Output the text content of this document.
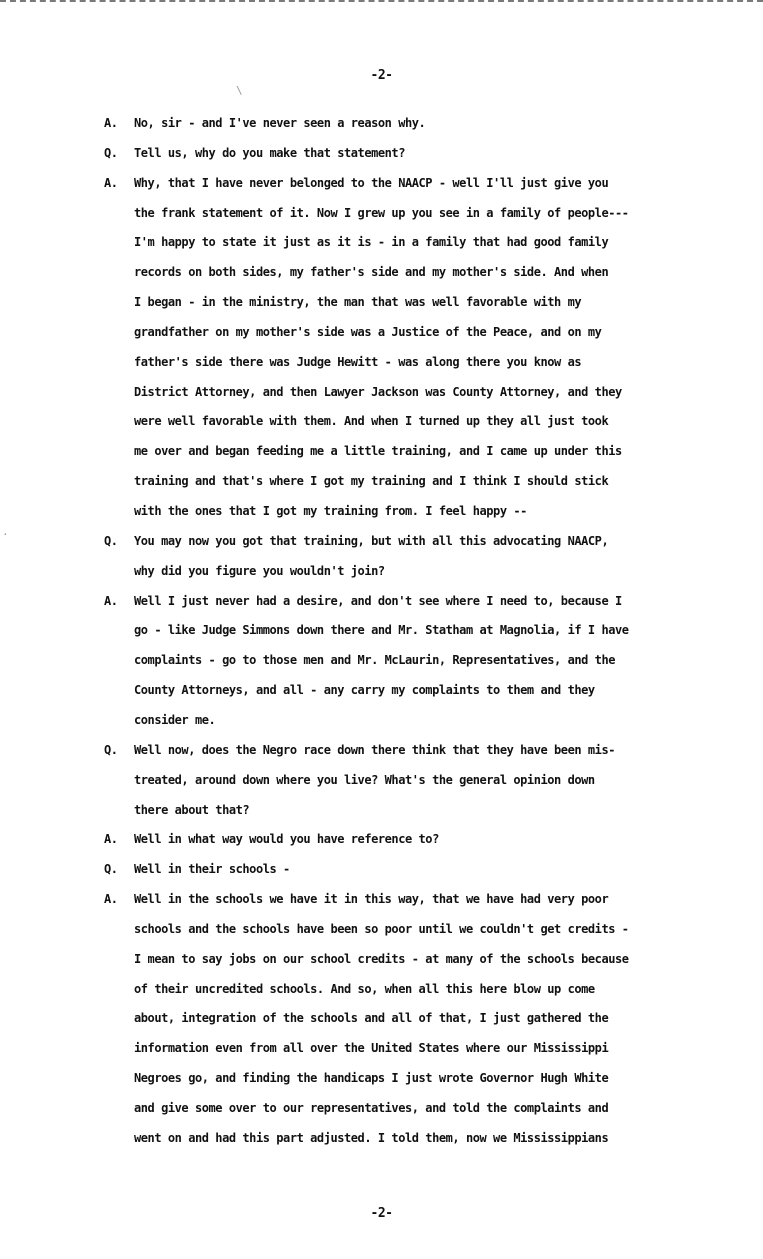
\
·
-2-
A. No, sir - and I've never seen a reason why.
Q. Tell us, why do you make that statement?
A. Why, that I have never belonged to the NAACP - well I'll just give you
the frank statement of it. Now I grew up you see in a family of people---
I'm happy to state it just as it is - in a family that had good family
records on both sides, my father's side and my mother's side. And when
I began - in the ministry, the man that was well favorable with my
grandfather on my mother's side was a Justice of the Peace, and on my
father's side there was Judge Hewitt - was along there you know as
District Attorney, and then Lawyer Jackson was County Attorney, and they
were well favorable with them. And when I turned up they all just took
me over and began feeding me a little training, and I came up under this
training and that's where I got my training and I think I should stick
with the ones that I got my training from. I feel happy --
Q. You may now you got that training, but with all this advocating NAACP,
why did you figure you wouldn't join?
A. Well I just never had a desire, and don't see where I need to, because I
go - like Judge Simmons down there and Mr. Statham at Magnolia, if I have
complaints - go to those men and Mr. McLaurin, Representatives, and the
County Attorneys, and all - any carry my complaints to them and they
consider me.
Q. Well now, does the Negro race down there think that they have been mis-
treated, around down where you live? What's the general opinion down
there about that?
A. Well in what way would you have reference to?
Q. Well in their schools -
A. Well in the schools we have it in this way, that we have had very poor
schools and the schools have been so poor until we couldn't get credits -
I mean to say jobs on our school credits - at many of the schools because
of their uncredited schools. And so, when all this here blow up come
about, integration of the schools and all of that, I just gathered the
information even from all over the United States where our Mississippi
Negroes go, and finding the handicaps I just wrote Governor Hugh White
and give some over to our representatives, and told the complaints and
went on and had this part adjusted. I told them, now we Mississippians
-2-
